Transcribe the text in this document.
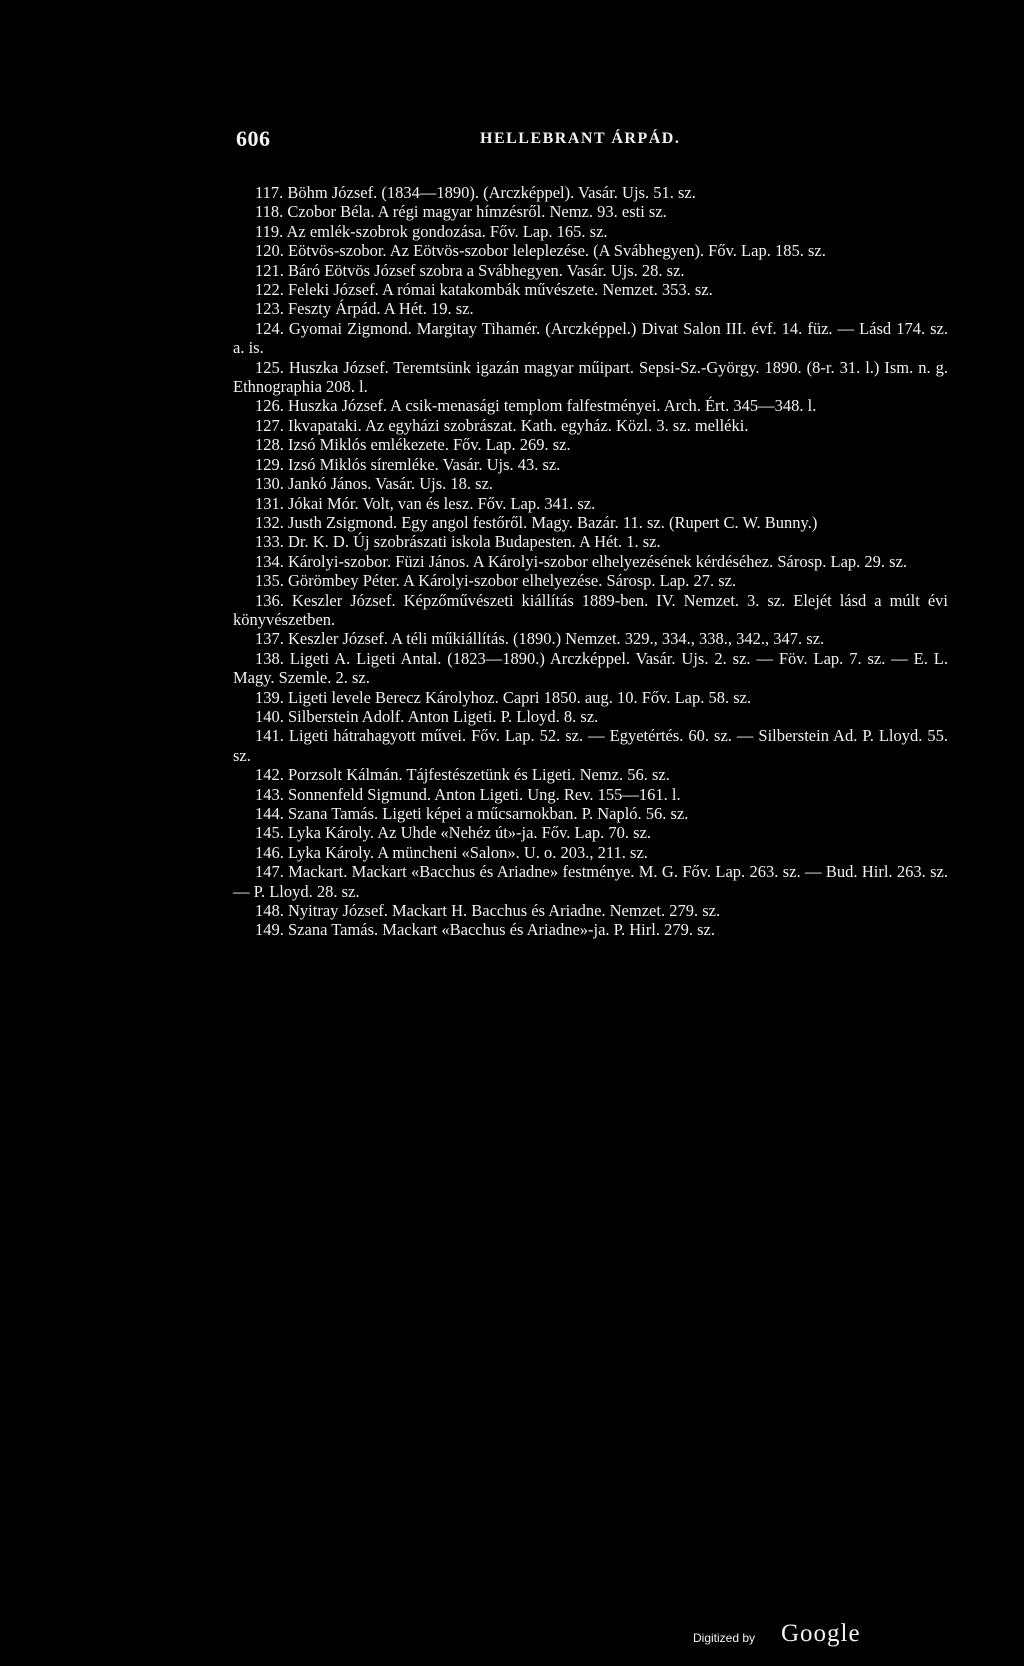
606	HELLEBRANT ÁRPÁD.

117. Böhm József. (1834—1890). (Arczképpel). Vasár. Ujs. 51. sz.

118. Czobor Béla. A régi magyar hímzésről. Nemz. 93. esti sz.

119. Az emlék-szobrok gondozása. Főv. Lap. 165. sz.

120. Eötvös-szobor. Az Eötvös-szobor leleplezése. (A Svábhegyen). Főv. Lap. 185. sz.

121. Báró Eötvös József szobra a Svábhegyen. Vasár. Ujs. 28. sz.

122. Feleki József. A római katakombák művészete. Nemzet. 353. sz.

123. Feszty Árpád. A Hét. 19. sz.

124. Gyomai Zigmond. Margitay Tihamér. (Arczképpel.) Divat Salon III. évf. 14. füz. — Lásd 174. sz. a. is.

125. Huszka József. Teremtsünk igazán magyar műipart. Sepsi-Sz.-György. 1890. (8-r. 31. l.) Ism. n. g. Ethnographia 208. l.

126. Huszka József. A csik-menasági templom falfestményei. Arch. Ért. 345—348. l.

127. Ikvapataki. Az egyházi szobrászat. Kath. egyház. Közl. 3. sz. melléki.

128. Izsó Miklós emlékezete. Főv. Lap. 269. sz.

129. Izsó Miklós síremléke. Vasár. Ujs. 43. sz.

130. Jankó János. Vasár. Ujs. 18. sz.

131. Jókai Mór. Volt, van és lesz. Főv. Lap. 341. sz.

132. Justh Zsigmond. Egy angol festőről. Magy. Bazár. 11. sz. (Rupert C. W. Bunny.)

133. Dr. K. D. Új szobrászati iskola Budapesten. A Hét. 1. sz.

134. Károlyi-szobor. Füzi János. A Károlyi-szobor elhelyezésének kérdéséhez. Sárosp. Lap. 29. sz.

135. Görömbey Péter. A Károlyi-szobor elhelyezése. Sárosp. Lap. 27. sz.

136. Keszler József. Képzőművészeti kiállítás 1889-ben. IV. Nemzet. 3. sz. Elejét lásd a múlt évi könyvészetben.

137. Keszler József. A téli műkiállítás. (1890.) Nemzet. 329., 334., 338., 342., 347. sz.

138. Ligeti A. Ligeti Antal. (1823—1890.) Arczképpel. Vasár. Ujs. 2. sz. — Föv. Lap. 7. sz. — E. L. Magy. Szemle. 2. sz.

139. Ligeti levele Berecz Károlyhoz. Capri 1850. aug. 10. Főv. Lap. 58. sz.

140. Silberstein Adolf. Anton Ligeti. P. Lloyd. 8. sz.

141. Ligeti hátrahagyott művei. Főv. Lap. 52. sz. — Egyetértés. 60. sz. — Silberstein Ad. P. Lloyd. 55. sz.

142. Porzsolt Kálmán. Tájfestészetünk és Ligeti. Nemz. 56. sz.

143. Sonnenfeld Sigmund. Anton Ligeti. Ung. Rev. 155—161. l.

144. Szana Tamás. Ligeti képei a műcsarnokban. P. Napló. 56. sz.

145. Lyka Károly. Az Uhde «Nehéz út»-ja. Főv. Lap. 70. sz.

146. Lyka Károly. A müncheni «Salon». U. o. 203., 211. sz.

147. Mackart. Mackart «Bacchus és Ariadne» festménye. M. G. Főv. Lap. 263. sz. — Bud. Hirl. 263. sz. — P. Lloyd. 28. sz.

148. Nyitray József. Mackart H. Bacchus és Ariadne. Nemzet. 279. sz.

149. Szana Tamás. Mackart «Bacchus és Ariadne»-ja. P. Hirl. 279. sz.

Digitized by Google
